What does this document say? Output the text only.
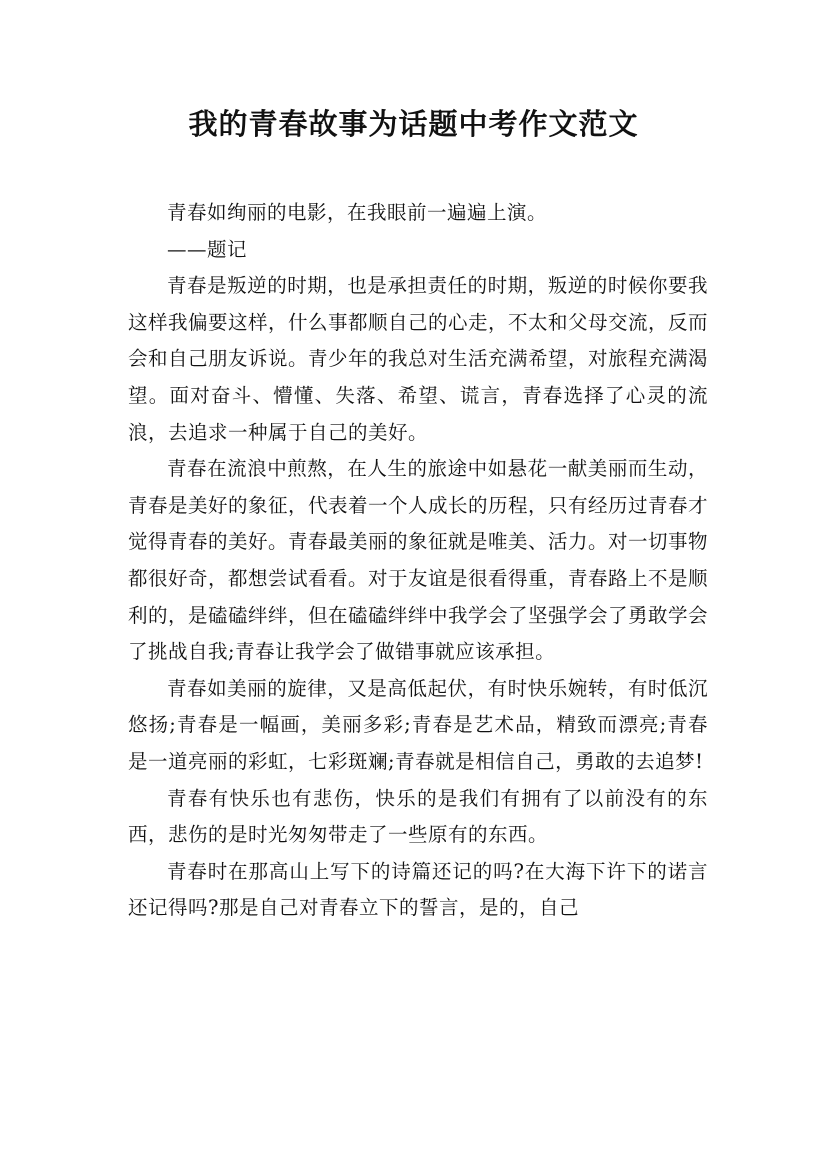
我的青春故事为话题中考作文范文

青春如绚丽的电影，在我眼前一遍遍上演。

——题记

青春是叛逆的时期，也是承担责任的时期，叛逆的时候你要我这样我偏要这样，什么事都顺自己的心走，不太和父母交流，反而会和自己朋友诉说。青少年的我总对生活充满希望，对旅程充满渴望。面对奋斗、懵懂、失落、希望、谎言，青春选择了心灵的流浪，去追求一种属于自己的美好。

青春在流浪中煎熬，在人生的旅途中如悬花一献美丽而生动，青春是美好的象征，代表着一个人成长的历程，只有经历过青春才觉得青春的美好。青春最美丽的象征就是唯美、活力。对一切事物都很好奇，都想尝试看看。对于友谊是很看得重，青春路上不是顺利的，是磕磕绊绊，但在磕磕绊绊中我学会了坚强学会了勇敢学会了挑战自我;青春让我学会了做错事就应该承担。

青春如美丽的旋律，又是高低起伏，有时快乐婉转，有时低沉悠扬;青春是一幅画，美丽多彩;青春是艺术品，精致而漂亮;青春是一道亮丽的彩虹，七彩斑斓;青春就是相信自己，勇敢的去追梦!

青春有快乐也有悲伤，快乐的是我们有拥有了以前没有的东西，悲伤的是时光匆匆带走了一些原有的东西。

青春时在那高山上写下的诗篇还记的吗?在大海下许下的诺言还记得吗?那是自己对青春立下的誓言，是的，自己
